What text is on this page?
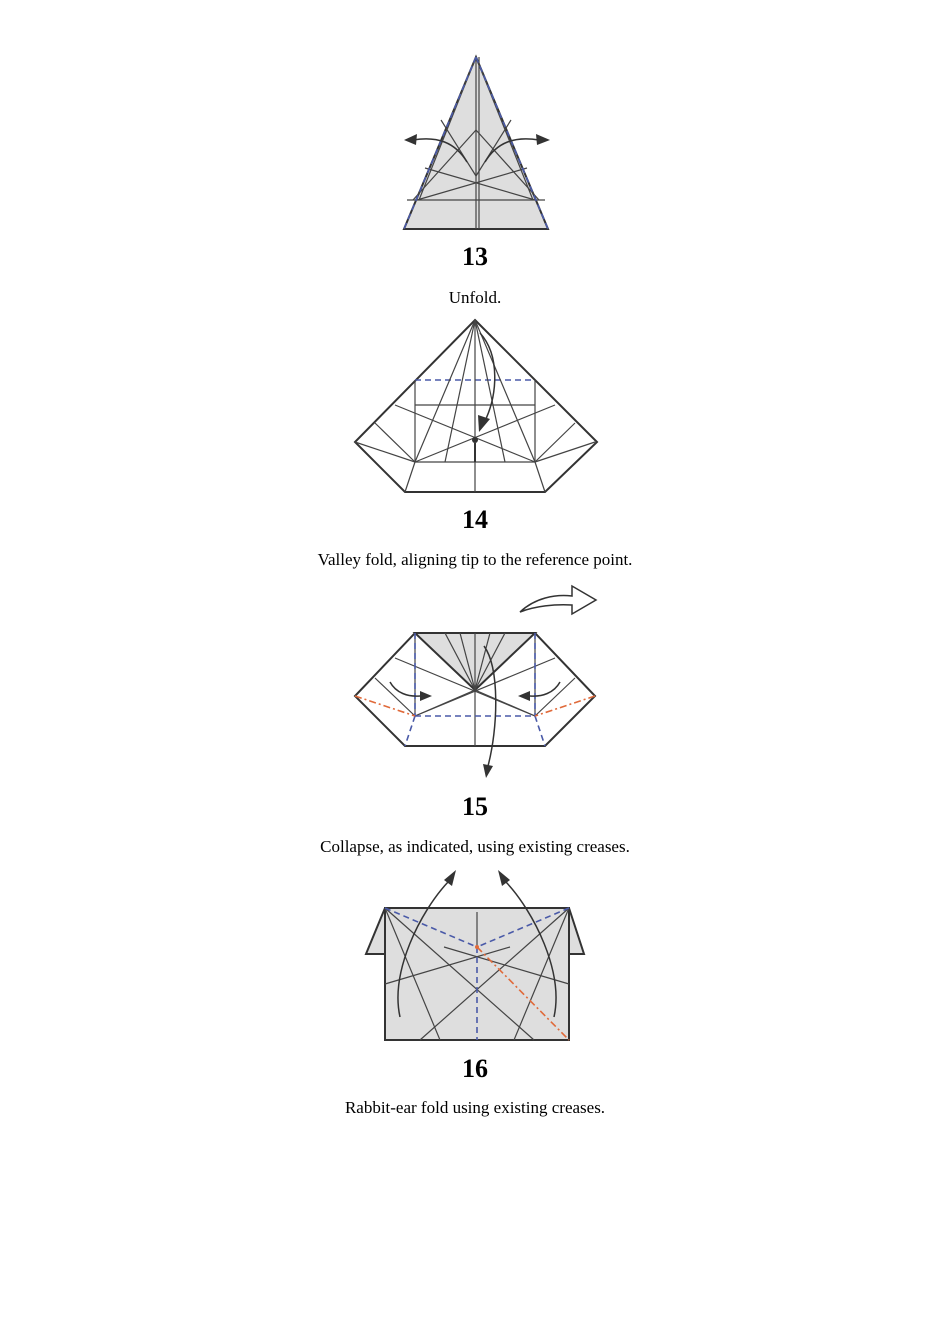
13
Unfold.
14
Valley fold, aligning tip to the reference point.
15
Collapse, as indicated, using existing creases.
16
Rabbit-ear fold using existing creases.
